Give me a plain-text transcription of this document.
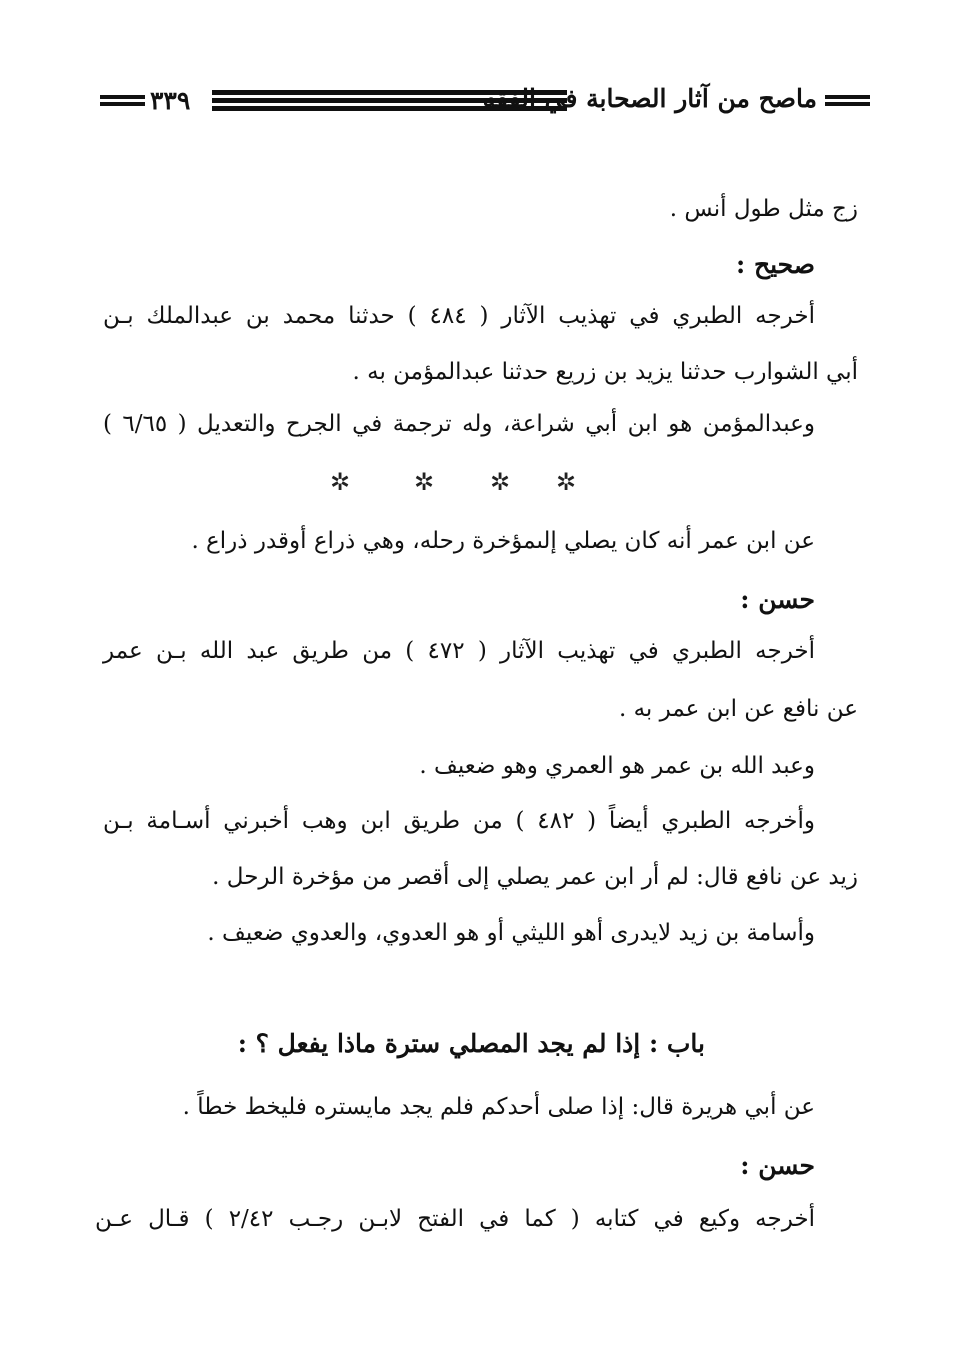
٣٣٩	ماصح من آثار الصحابة في الفقه

زج مثل طول أنس .

صحيح :

أخرجه الطبري في تهذيب الآثار ( ٤٨٤ ) حدثنا محمد بن عبدالملك بـن

أبي الشوارب حدثنا يزيد بن زريع حدثنا عبدالمؤمن به .

وعبدالمؤمن هو ابن أبي شراعة، وله ترجمة في الجرح والتعديل ( ٦/٦٥ )

✲	✲ ✲ ✲

عن ابن عمر أنه كان يصلي إلىمؤخرة رحله، وهي ذراع أوقدر ذراع .

حسن :

أخرجه الطبري في تهذيب الآثار ( ٤٧٢ ) من طريق عبد الله بـن عمر

عن نافع عن ابن عمر به .

وعبد الله بن عمر هو العمري وهو ضعيف .

وأخرجه الطبري أيضاً ( ٤٨٢ ) من طريق ابن وهب أخبرني أسـامة بـن

زيد عن نافع قال: لم أر ابن عمر يصلي إلى أقصر من مؤخرة الرحل .

وأسامة بن زيد لايدرى أهو الليثي أو هو العدوي، والعدوي ضعيف .

باب : إذا لم يجد المصلي سترة ماذا يفعل ؟ :

عن أبي هريرة قال: إذا صلى أحدكم فلم يجد مايستره فليخط خطاً .

حسن :

أخرجه وكيع في كتابه ( كما في الفتح لابـن رجـب ٢/٤٢ ) قـال عـن
